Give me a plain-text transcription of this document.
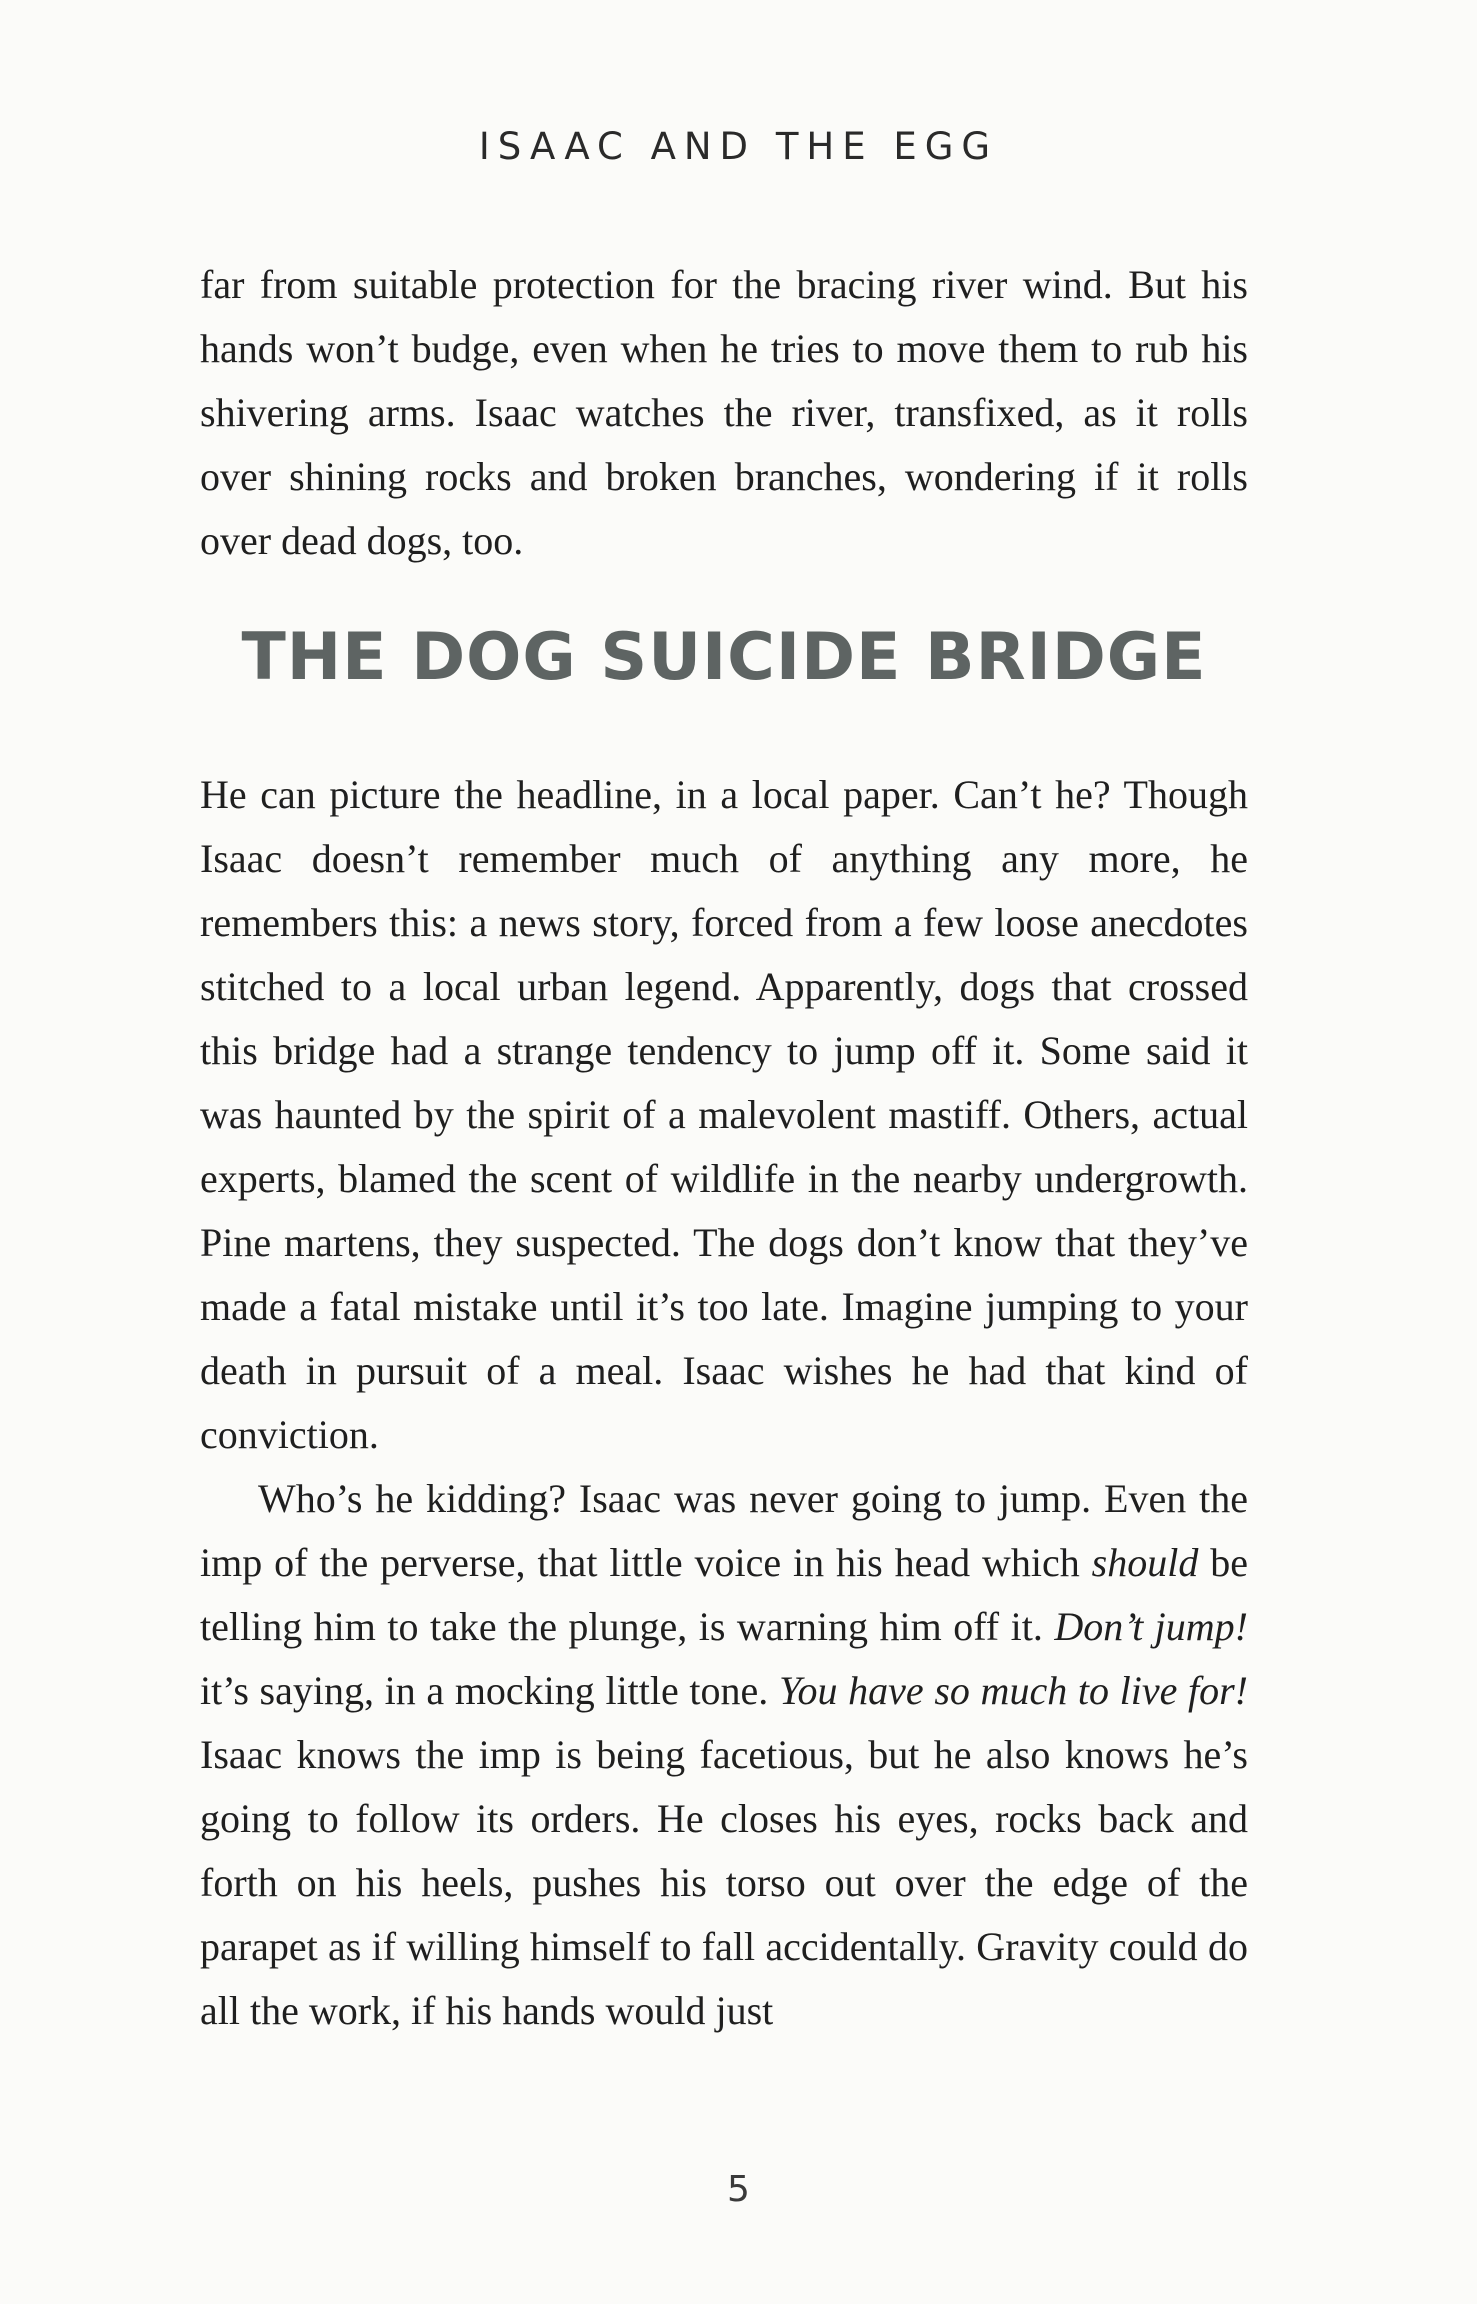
ISAAC AND THE EGG

far from suitable protection for the bracing river wind. But his hands won’t budge, even when he tries to move them to rub his shivering arms. Isaac watches the river, transfixed, as it rolls over shining rocks and broken branches, wondering if it rolls over dead dogs, too.

THE DOG SUICIDE BRIDGE

He can picture the headline, in a local paper. Can’t he? Though Isaac doesn’t remember much of anything any more, he remembers this: a news story, forced from a few loose anecdotes stitched to a local urban legend. Apparently, dogs that crossed this bridge had a strange tendency to jump off it. Some said it was haunted by the spirit of a malevolent mastiff. Others, actual experts, blamed the scent of wildlife in the nearby undergrowth. Pine martens, they suspected. The dogs don’t know that they’ve made a fatal mistake until it’s too late. Imagine jumping to your death in pursuit of a meal. Isaac wishes he had that kind of conviction.

Who’s he kidding? Isaac was never going to jump. Even the imp of the perverse, that little voice in his head which should be telling him to take the plunge, is warning him off it. Don’t jump! it’s saying, in a mocking little tone. You have so much to live for! Isaac knows the imp is being facetious, but he also knows he’s going to follow its orders. He closes his eyes, rocks back and forth on his heels, pushes his torso out over the edge of the parapet as if willing himself to fall accidentally. Gravity could do all the work, if his hands would just

5
